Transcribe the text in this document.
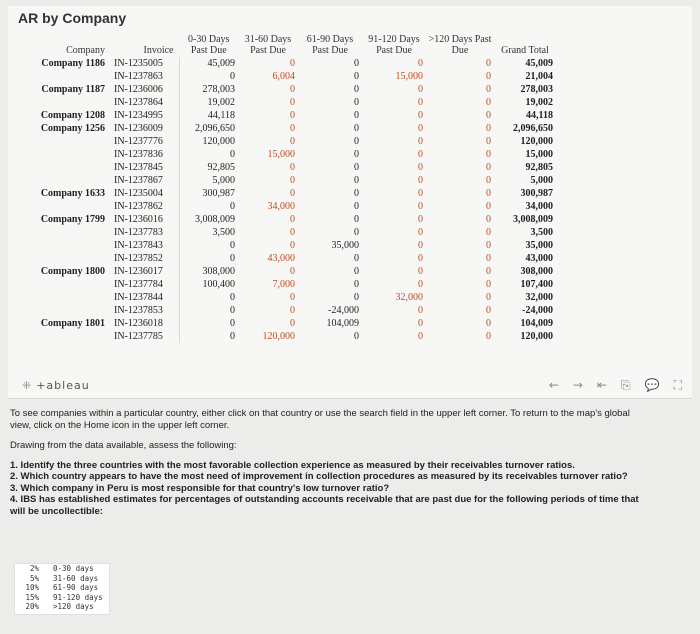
AR by Company
Company	Invoice	0-30 Days Past Due	31-60 Days Past Due	61-90 Days Past Due	91-120 Days Past Due	>120 Days Past Due	Grand Total
Company 1186	IN-1235005	45,009	0	0	0	0	45,009
	IN-1237863	0	6,004	0	15,000	0	21,004
Company 1187	IN-1236006	278,003	0	0	0	0	278,003
	IN-1237864	19,002	0	0	0	0	19,002
Company 1208	IN-1234995	44,118	0	0	0	0	44,118
Company 1256	IN-1236009	2,096,650	0	0	0	0	2,096,650
	IN-1237776	120,000	0	0	0	0	120,000
	IN-1237836	0	15,000	0	0	0	15,000
	IN-1237845	92,805	0	0	0	0	92,805
	IN-1237867	5,000	0	0	0	0	5,000
Company 1633	IN-1235004	300,987	0	0	0	0	300,987
	IN-1237862	0	34,000	0	0	0	34,000
Company 1799	IN-1236016	3,008,009	0	0	0	0	3,008,009
	IN-1237783	3,500	0	0	0	0	3,500
	IN-1237843	0	0	35,000	0	0	35,000
	IN-1237852	0	43,000	0	0	0	43,000
Company 1800	IN-1236017	308,000	0	0	0	0	308,000
	IN-1237784	100,400	7,000	0	0	0	107,400
	IN-1237844	0	0	0	32,000	0	32,000
	IN-1237853	0	0	-24,000	0	0	-24,000
Company 1801	IN-1236018	0	0	104,009	0	0	104,009
	IN-1237785	0	120,000	0	0	0	120,000
⁜ +ableau	← → ⇤ ⎘ 💬 ⛶

To see companies within a particular country, either click on that country or use the search field in the upper left corner. To return to the map's global view, click on the Home icon in the upper left corner.

Drawing from the data available, assess the following:

1. Identify the three countries with the most favorable collection experience as measured by their receivables turnover ratios.
2. Which country appears to have the most need of improvement in collection procedures as measured by its receivables turnover ratio?
3. Which company in Peru is most responsible for that country's low turnover ratio?
4. IBS has established estimates for percentages of outstanding accounts receivable that are past due for the following periods of time that will be uncollectible:
2%	0-30 days
5%	31-60 days
10%	61-90 days
15%	91-120 days
20%	>120 days
